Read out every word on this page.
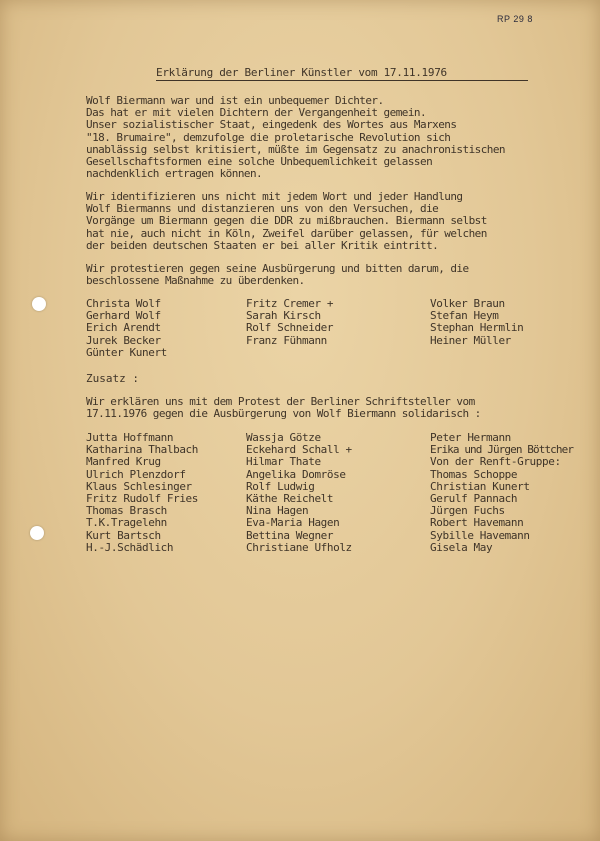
RP 29 8
Erklärung der Berliner Künstler vom 17.11.1976
Wolf Biermann war und ist ein unbequemer Dichter.
Das hat er mit vielen Dichtern der Vergangenheit gemein.
Unser sozialistischer Staat, eingedenk des Wortes aus Marxens
"18. Brumaire", demzufolge die proletarische Revolution sich
unablässig selbst kritisiert, müßte im Gegensatz zu anachronistischen
Gesellschaftsformen eine solche Unbequemlichkeit gelassen
nachdenklich ertragen können.
Wir identifizieren uns nicht mit jedem Wort und jeder Handlung
Wolf Biermanns und distanzieren uns von den Versuchen, die
Vorgänge um Biermann gegen die DDR zu mißbrauchen. Biermann selbst
hat nie, auch nicht in Köln, Zweifel darüber gelassen, für welchen
der beiden deutschen Staaten er bei aller Kritik eintritt.
Wir protestieren gegen seine Ausbürgerung und bitten darum, die
beschlossene Maßnahme zu überdenken.
Christa Wolf
Gerhard Wolf
Erich Arendt
Jurek Becker
Günter Kunert
Fritz Cremer +
Sarah Kirsch
Rolf Schneider
Franz Fühmann
Volker Braun
Stefan Heym
Stephan Hermlin
Heiner Müller
Zusatz :
Wir erklären uns mit dem Protest der Berliner Schriftsteller vom
17.11.1976 gegen die Ausbürgerung von Wolf Biermann solidarisch :
Jutta Hoffmann
Katharina Thalbach
Manfred Krug
Ulrich Plenzdorf
Klaus Schlesinger
Fritz Rudolf Fries
Thomas Brasch
T.K.Tragelehn
Kurt Bartsch
H.-J.Schädlich
Wassja Götze
Eckehard Schall +
Hilmar Thate
Angelika Domröse
Rolf Ludwig
Käthe Reichelt
Nina Hagen
Eva-Maria Hagen
Bettina Wegner
Christiane Ufholz
Peter Hermann
Erika und Jürgen Böttcher
Von der Renft-Gruppe:
Thomas Schoppe
Christian Kunert
Gerulf Pannach
Jürgen Fuchs
Robert Havemann
Sybille Havemann
Gisela May
